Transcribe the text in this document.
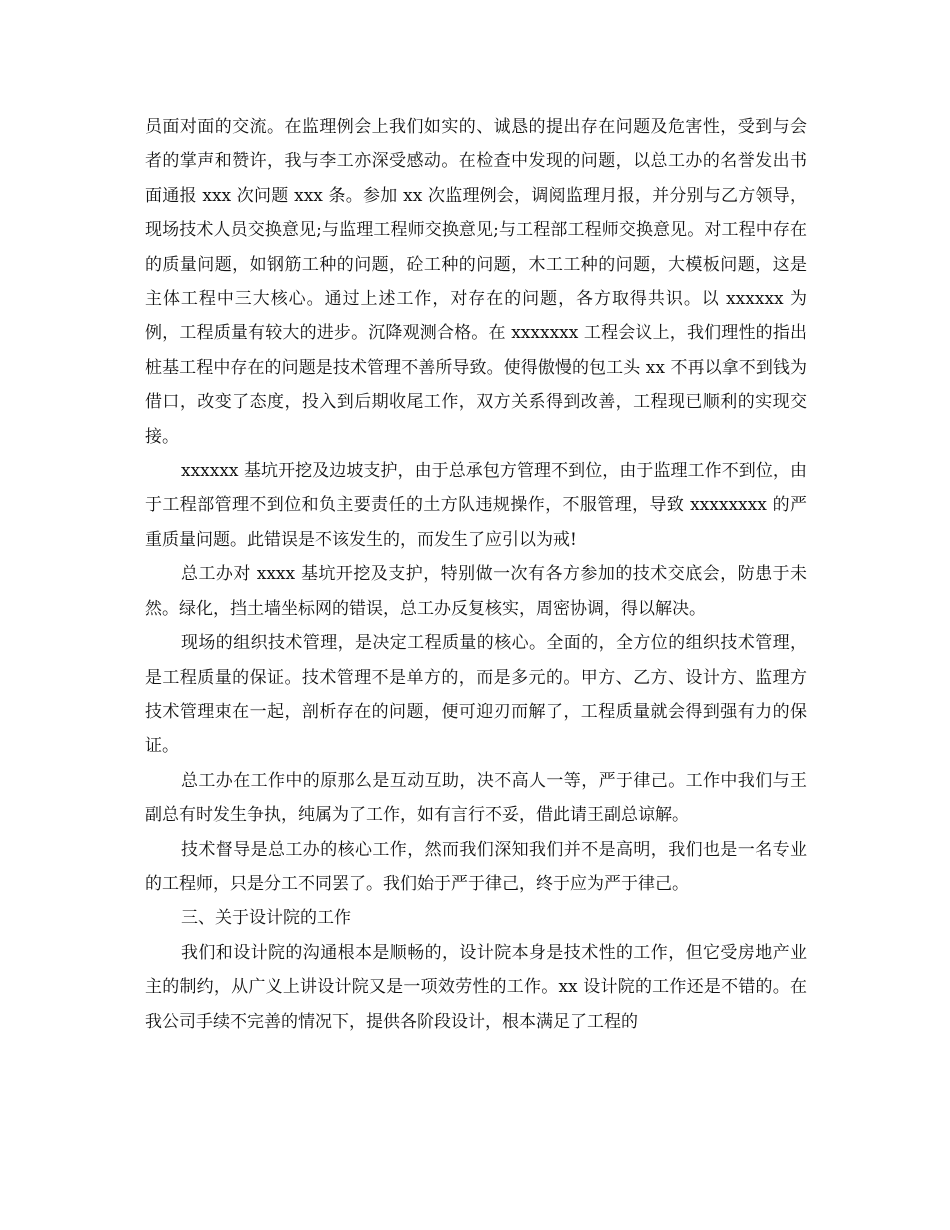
员面对面的交流。在监理例会上我们如实的、诚恳的提出存在问题及危害性，受到与会者的掌声和赞许，我与李工亦深受感动。在检查中发现的问题，以总工办的名誉发出书面通报 xxx 次问题 xxx 条。参加 xx 次监理例会，调阅监理月报，并分别与乙方领导，现场技术人员交换意见;与监理工程师交换意见;与工程部工程师交换意见。对工程中存在的质量问题，如钢筋工种的问题，砼工种的问题，木工工种的问题，大模板问题，这是主体工程中三大核心。通过上述工作，对存在的问题，各方取得共识。以 xxxxxx 为例，工程质量有较大的进步。沉降观测合格。在 xxxxxxx 工程会议上，我们理性的指出桩基工程中存在的问题是技术管理不善所导致。使得傲慢的包工头 xx 不再以拿不到钱为借口，改变了态度，投入到后期收尾工作，双方关系得到改善，工程现已顺利的实现交接。

xxxxxx 基坑开挖及边坡支护，由于总承包方管理不到位，由于监理工作不到位，由于工程部管理不到位和负主要责任的土方队违规操作，不服管理，导致 xxxxxxxx 的严重质量问题。此错误是不该发生的，而发生了应引以为戒!

总工办对 xxxx 基坑开挖及支护，特别做一次有各方参加的技术交底会，防患于未然。绿化，挡土墙坐标网的错误，总工办反复核实，周密协调，得以解决。

现场的组织技术管理，是决定工程质量的核心。全面的，全方位的组织技术管理，是工程质量的保证。技术管理不是单方的，而是多元的。甲方、乙方、设计方、监理方技术管理束在一起，剖析存在的问题，便可迎刃而解了，工程质量就会得到强有力的保证。

总工办在工作中的原那么是互动互助，决不高人一等，严于律己。工作中我们与王副总有时发生争执，纯属为了工作，如有言行不妥，借此请王副总谅解。

技术督导是总工办的核心工作，然而我们深知我们并不是高明，我们也是一名专业的工程师，只是分工不同罢了。我们始于严于律己，终于应为严于律己。

三、关于设计院的工作

我们和设计院的沟通根本是顺畅的，设计院本身是技术性的工作，但它受房地产业主的制约，从广义上讲设计院又是一项效劳性的工作。xx 设计院的工作还是不错的。在我公司手续不完善的情况下，提供各阶段设计，根本满足了工程的
